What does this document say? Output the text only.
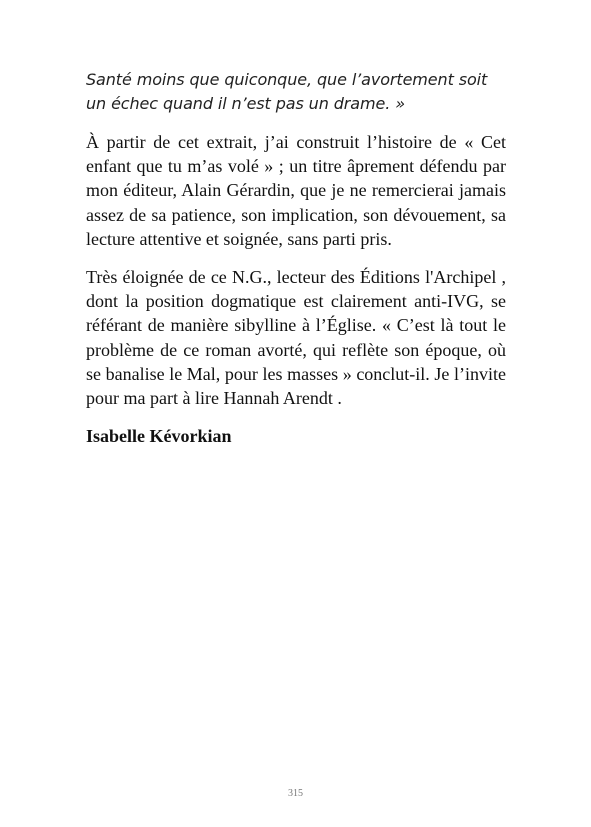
Santé moins que quiconque, que l’avortement soit un échec quand il n’est pas un drame. »

À partir de cet extrait, j’ai construit l’histoire de « Cet enfant que tu m’as volé » ; un titre âprement défendu par mon éditeur, Alain Gérardin, que je ne remercierai jamais assez de sa patience, son implication, son dévouement, sa lecture attentive et soignée, sans parti pris.

Très éloignée de ce N.G., lecteur des Éditions l'Archipel , dont la position dogmatique est clairement anti-IVG, se référant de manière sibylline à l’Église. « C’est là tout le problème de ce roman avorté, qui reflète son époque, où se banalise le Mal, pour les masses » conclut-il. Je l’invite pour ma part à lire Hannah Arendt .

Isabelle Kévorkian

315
